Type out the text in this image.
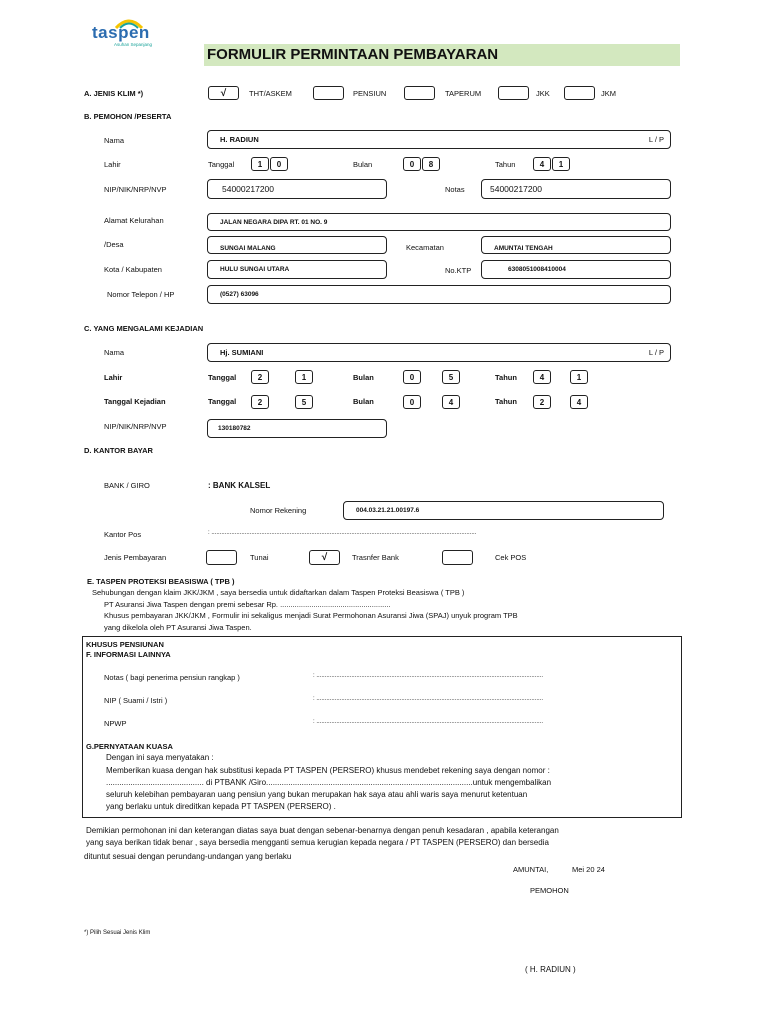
taspen
Asuhan Sepanjang
FORMULIR PERMINTAAN PEMBAYARAN
A. JENIS KLIM *)	√	THT/ASKEM	PENSIUN	TAPERUM	JKK	JKM
B. PEMOHON /PESERTA
Nama	H. RADIUN	L / P
Lahir	Tanggal	1	0	Bulan	0	8	Tahun	4	1
NIP/NIK/NRP/NVP	54000217200	Notas	54000217200
Alamat Kelurahan	JALAN NEGARA DIPA RT. 01 NO. 9
/Desa	SUNGAI MALANG	Kecamatan	AMUNTAI TENGAH
Kota / Kabupaten	HULU SUNGAI UTARA	No.KTP	6308051008410004
Nomor Telepon / HP	(0527) 63096
C. YANG MENGALAMI KEJADIAN
Nama	Hj. SUMIANI	L / P
Lahir	Tanggal	2	1	Bulan	0	5	Tahun	4	1
Tanggal Kejadian	Tanggal	2	5	Bulan	0	4	Tahun	2	4
NIP/NIK/NRP/NVP	130180782
D. KANTOR BAYAR
BANK / GIRO	: BANK KALSEL
Nomor Rekening	004.03.21.21.00197.6
Kantor Pos	: ...............................................................................................................................................................
Jenis Pembayaran	Tunai	√	Trasnfer Bank	Cek POS
E. TASPEN PROTEKSI BEASISWA ( TPB )
Sehubungan dengan klaim JKK/JKM , saya bersedia untuk didaftarkan dalam Taspen Proteksi Beasiswa ( TPB )
PT Asuransi Jiwa Taspen dengan premi sebesar Rp. .....................................................
Khusus pembayaran JKK/JKM , Formulir ini sekaligus menjadi Surat Permohonan Asuransi Jiwa (SPAJ) unyuk program TPB
yang dikelola oleh PT Asuransi Jiwa Taspen.
KHUSUS PENSIUNAN
F. INFORMASI LAINNYA
Notas ( bagi penerima pensiun rangkap )	: ........................................................................................................................................
NIP ( Suami / Istri )	: ........................................................................................................................................
NPWP	: ........................................................................................................................................
G.PERNYATAAN KUASA
Dengan ini saya menyatakan :
Memberikan kuasa dengan hak substitusi kepada PT TASPEN (PERSERO) khusus mendebet rekening saya dengan nomor :
............................................ di PTBANK /Giro.............................................................................................untuk mengembalikan
seluruh kelebihan pembayaran uang pensiun yang bukan merupakan hak saya atau ahli waris saya menurut ketentuan
yang berlaku untuk direditkan kepada PT TASPEN (PERSERO) .
Demikian permohonan ini dan keterangan diatas saya buat dengan sebenar-benarnya dengan penuh kesadaran , apabila keterangan
yang saya berikan tidak benar , saya bersedia mengganti semua kerugian kepada negara / PT TASPEN (PERSERO) dan bersedia
dituntut sesuai dengan perundang-undangan yang berlaku
AMUNTAI,	Mei 20 24
PEMOHON
*) Pilih Sesuai Jenis Klim
( H. RADIUN )
